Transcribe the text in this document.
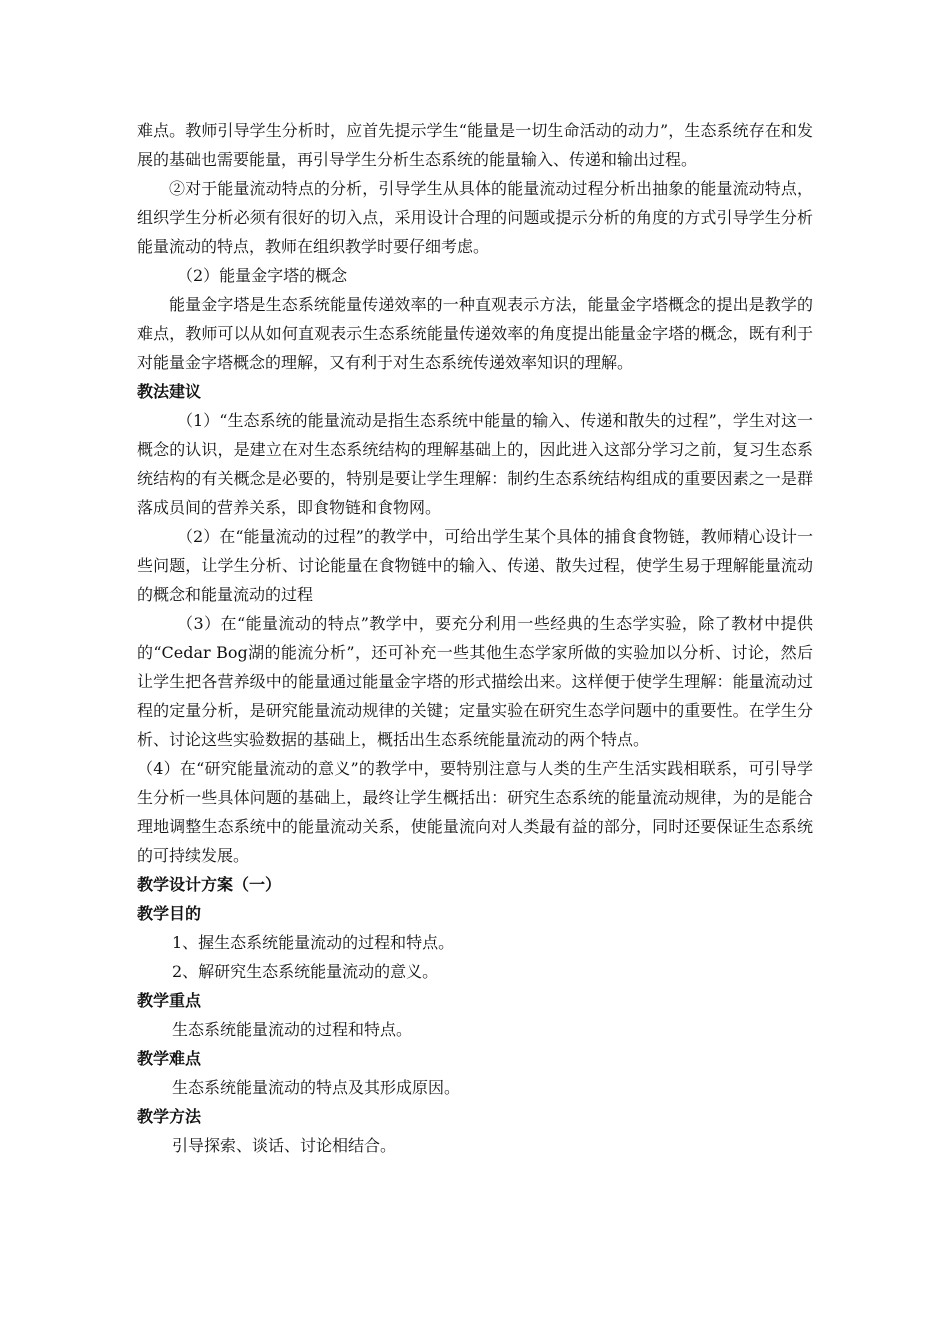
难点。教师引导学生分析时，应首先提示学生“能量是一切生命活动的动力”，生态系统存在和发展的基础也需要能量，再引导学生分析生态系统的能量输入、传递和输出过程。

②对于能量流动特点的分析，引导学生从具体的能量流动过程分析出抽象的能量流动特点，组织学生分析必须有很好的切入点，采用设计合理的问题或提示分析的角度的方式引导学生分析能量流动的特点，教师在组织教学时要仔细考虑。

（2）能量金字塔的概念

能量金字塔是生态系统能量传递效率的一种直观表示方法，能量金字塔概念的提出是教学的难点，教师可以从如何直观表示生态系统能量传递效率的角度提出能量金字塔的概念，既有利于对能量金字塔概念的理解，又有利于对生态系统传递效率知识的理解。

教法建议

（1）“生态系统的能量流动是指生态系统中能量的输入、传递和散失的过程”，学生对这一概念的认识，是建立在对生态系统结构的理解基础上的，因此进入这部分学习之前，复习生态系统结构的有关概念是必要的，特别是要让学生理解：制约生态系统结构组成的重要因素之一是群落成员间的营养关系，即食物链和食物网。

（2）在“能量流动的过程”的教学中，可给出学生某个具体的捕食食物链，教师精心设计一些问题，让学生分析、讨论能量在食物链中的输入、传递、散失过程，使学生易于理解能量流动的概念和能量流动的过程

（3）在“能量流动的特点”教学中，要充分利用一些经典的生态学实验，除了教材中提供的“Cedar Bog湖的能流分析”，还可补充一些其他生态学家所做的实验加以分析、讨论，然后让学生把各营养级中的能量通过能量金字塔的形式描绘出来。这样便于使学生理解：能量流动过程的定量分析，是研究能量流动规律的关键；定量实验在研究生态学问题中的重要性。在学生分析、讨论这些实验数据的基础上，概括出生态系统能量流动的两个特点。

（4）在“研究能量流动的意义”的教学中，要特别注意与人类的生产生活实践相联系，可引导学生分析一些具体问题的基础上，最终让学生概括出：研究生态系统的能量流动规律，为的是能合理地调整生态系统中的能量流动关系，使能量流向对人类最有益的部分，同时还要保证生态系统的可持续发展。

教学设计方案（一）

教学目的

1、握生态系统能量流动的过程和特点。

2、解研究生态系统能量流动的意义。

教学重点

生态系统能量流动的过程和特点。

教学难点

生态系统能量流动的特点及其形成原因。

教学方法

引导探索、谈话、讨论相结合。
